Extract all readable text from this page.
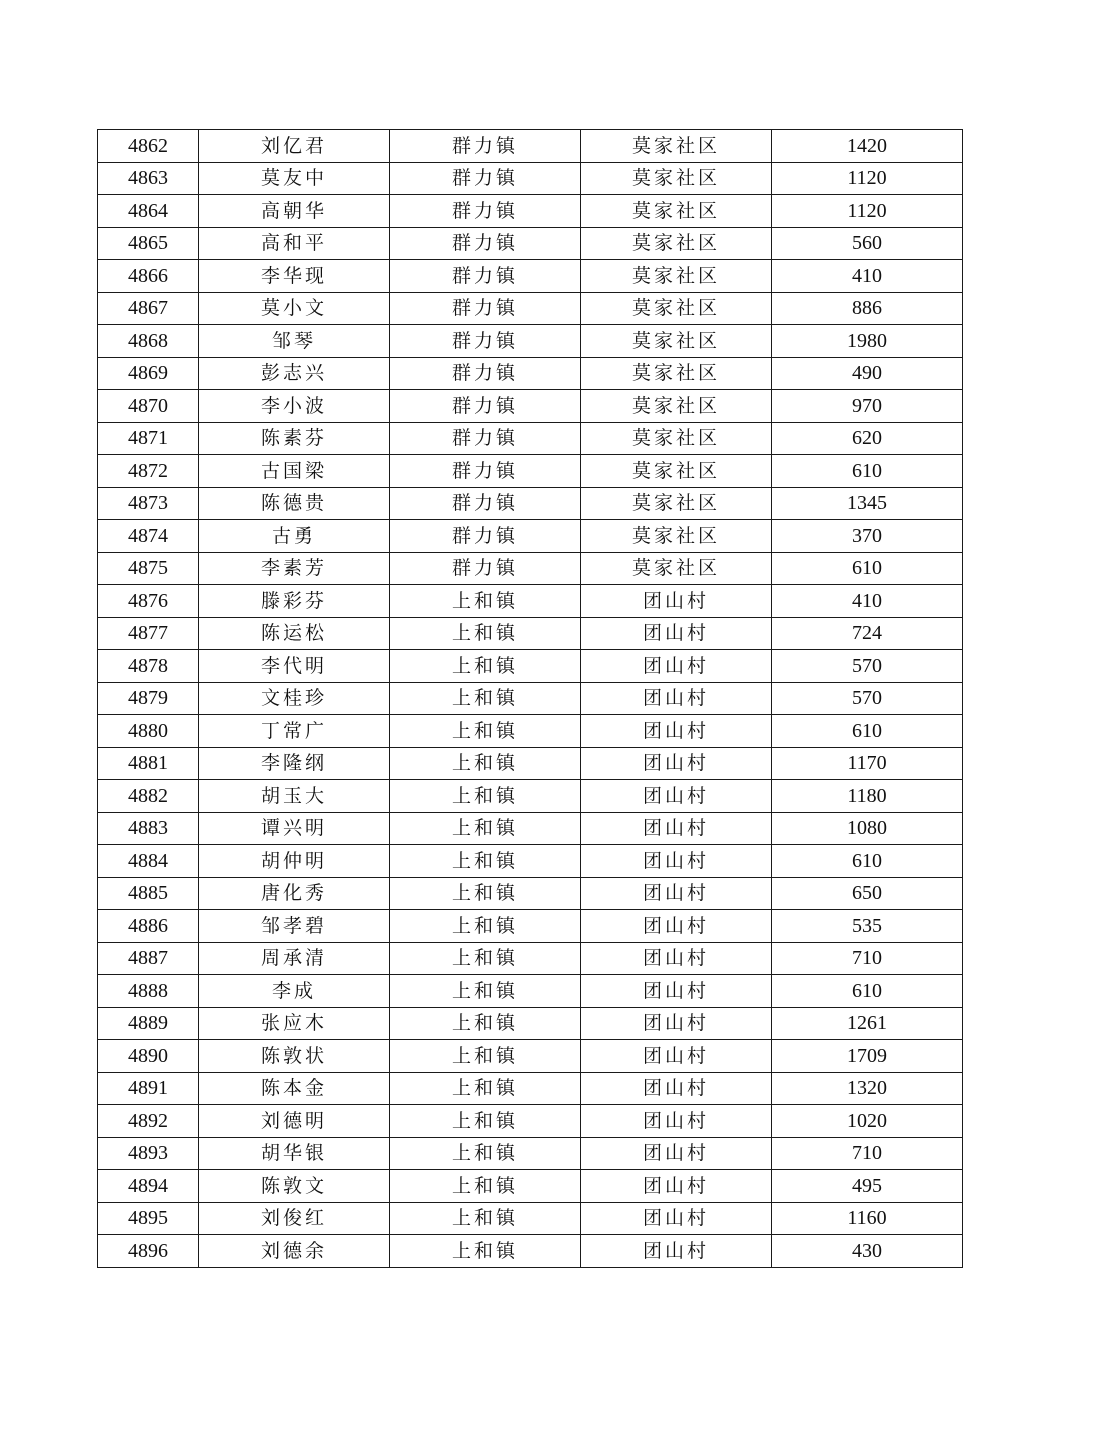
4862	刘亿君	群力镇	莫家社区	1420
4863	莫友中	群力镇	莫家社区	1120
4864	高朝华	群力镇	莫家社区	1120
4865	高和平	群力镇	莫家社区	560
4866	李华现	群力镇	莫家社区	410
4867	莫小文	群力镇	莫家社区	886
4868	邹琴	群力镇	莫家社区	1980
4869	彭志兴	群力镇	莫家社区	490
4870	李小波	群力镇	莫家社区	970
4871	陈素芬	群力镇	莫家社区	620
4872	古国梁	群力镇	莫家社区	610
4873	陈德贵	群力镇	莫家社区	1345
4874	古勇	群力镇	莫家社区	370
4875	李素芳	群力镇	莫家社区	610
4876	滕彩芬	上和镇	团山村	410
4877	陈运松	上和镇	团山村	724
4878	李代明	上和镇	团山村	570
4879	文桂珍	上和镇	团山村	570
4880	丁常广	上和镇	团山村	610
4881	李隆纲	上和镇	团山村	1170
4882	胡玉大	上和镇	团山村	1180
4883	谭兴明	上和镇	团山村	1080
4884	胡仲明	上和镇	团山村	610
4885	唐化秀	上和镇	团山村	650
4886	邹孝碧	上和镇	团山村	535
4887	周承清	上和镇	团山村	710
4888	李成	上和镇	团山村	610
4889	张应木	上和镇	团山村	1261
4890	陈敦状	上和镇	团山村	1709
4891	陈本金	上和镇	团山村	1320
4892	刘德明	上和镇	团山村	1020
4893	胡华银	上和镇	团山村	710
4894	陈敦文	上和镇	团山村	495
4895	刘俊红	上和镇	团山村	1160
4896	刘德余	上和镇	团山村	430
